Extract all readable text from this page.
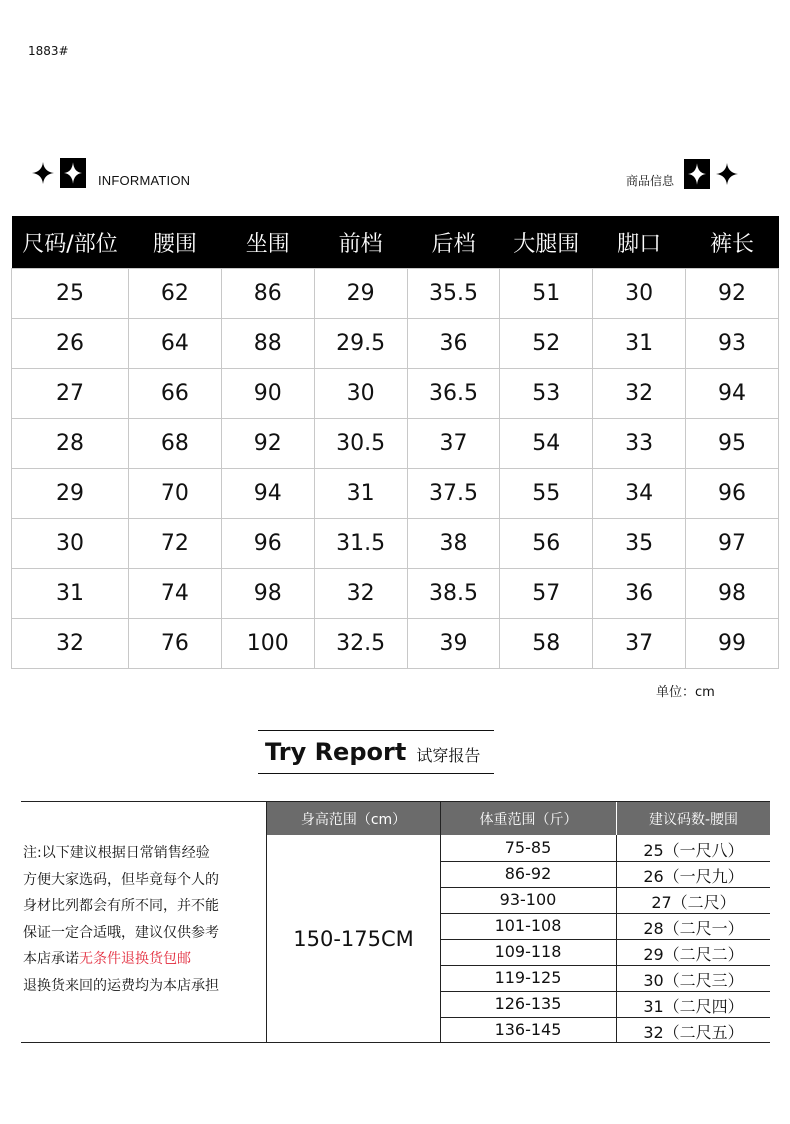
1883#
INFORMATION	商品信息
尺码/部位	腰围	坐围	前档	后档	大腿围	脚口	裤长
25	62	86	29	35.5	51	30	92
26	64	88	29.5	36	52	31	93
27	66	90	30	36.5	53	32	94
28	68	92	30.5	37	54	33	95
29	70	94	31	37.5	55	34	96
30	72	96	31.5	38	56	35	97
31	74	98	32	38.5	57	36	98
32	76	100	32.5	39	58	37	99
单位：cm
Try Report 试穿报告
注:以下建议根据日常销售经验
方便大家选码，但毕竟每个人的
身材比列都会有所不同，并不能
保证一定合适哦，建议仅供参考
本店承诺无条件退换货包邮
退换货来回的运费均为本店承担
身高范围（cm）	体重范围（斤）	建议码数-腰围
150-175CM
75-85	25（一尺八）
86-92	26（一尺九）
93-100	27（二尺）
101-108	28（二尺一）
109-118	29（二尺二）
119-125	30（二尺三）
126-135	31（二尺四）
136-145	32（二尺五）
